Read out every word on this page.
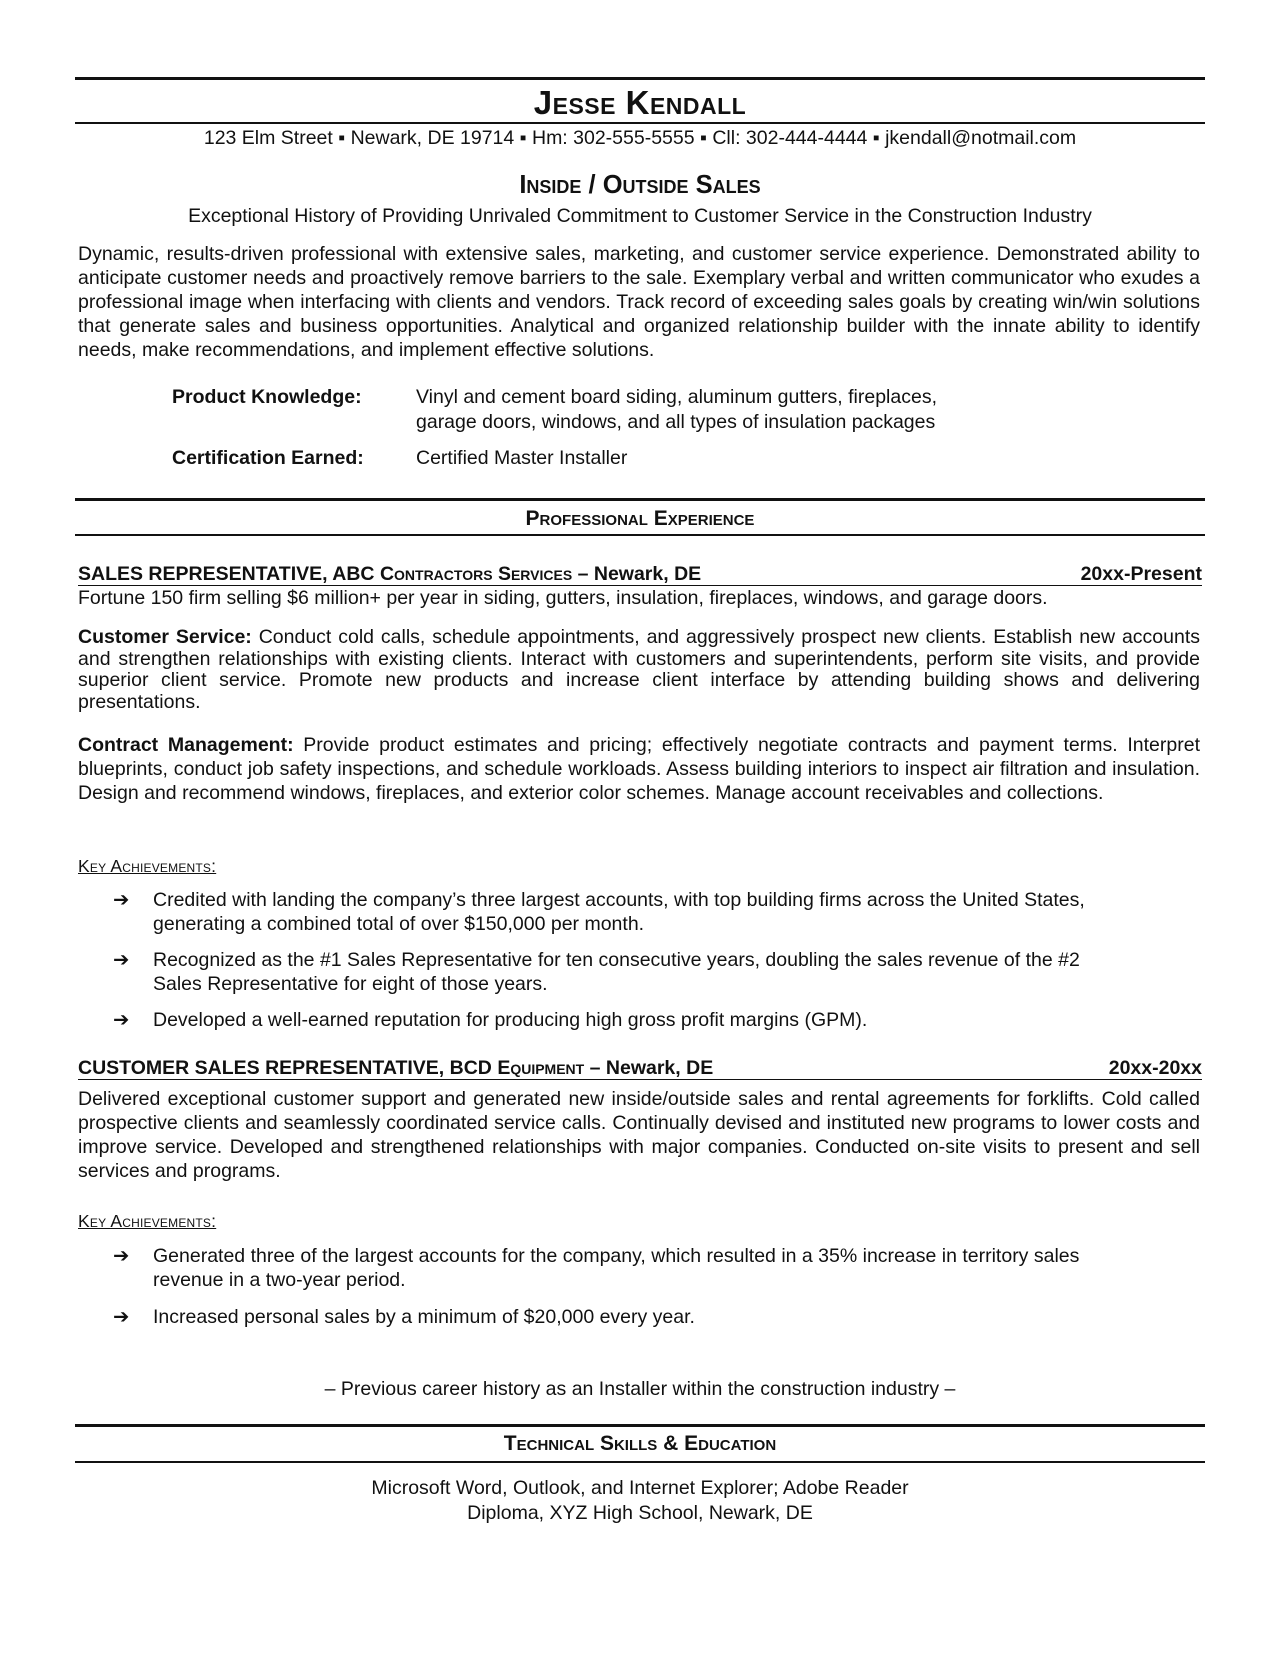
Jesse Kendall
123 Elm Street ▪ Newark, DE 19714 ▪ Hm: 302-555-5555 ▪ Cll: 302-444-4444 ▪ jkendall@notmail.com
Inside / Outside Sales
Exceptional History of Providing Unrivaled Commitment to Customer Service in the Construction Industry
Dynamic, results-driven professional with extensive sales, marketing, and customer service experience. Demonstrated ability to anticipate customer needs and proactively remove barriers to the sale. Exemplary verbal and written communicator who exudes a professional image when interfacing with clients and vendors. Track record of exceeding sales goals by creating win/win solutions that generate sales and business opportunities. Analytical and organized relationship builder with the innate ability to identify needs, make recommendations, and implement effective solutions.
Product Knowledge:	Vinyl and cement board siding, aluminum gutters, fireplaces,
garage doors, windows, and all types of insulation packages
Certification Earned:	Certified Master Installer
Professional Experience
SALES REPRESENTATIVE, ABC Contractors Services – Newark, DE	20xx-Present
Fortune 150 firm selling $6 million+ per year in siding, gutters, insulation, fireplaces, windows, and garage doors.
Customer Service: Conduct cold calls, schedule appointments, and aggressively prospect new clients. Establish new accounts and strengthen relationships with existing clients. Interact with customers and superintendents, perform site visits, and provide superior client service. Promote new products and increase client interface by attending building shows and delivering presentations.
Contract Management: Provide product estimates and pricing; effectively negotiate contracts and payment terms. Interpret blueprints, conduct job safety inspections, and schedule workloads. Assess building interiors to inspect air filtration and insulation. Design and recommend windows, fireplaces, and exterior color schemes. Manage account receivables and collections.
Key Achievements:
➔	Credited with landing the company’s three largest accounts, with top building firms across the United States, generating a combined total of over $150,000 per month.
➔	Recognized as the #1 Sales Representative for ten consecutive years, doubling the sales revenue of the #2 Sales Representative for eight of those years.
➔	Developed a well-earned reputation for producing high gross profit margins (GPM).
CUSTOMER SALES REPRESENTATIVE, BCD Equipment – Newark, DE	20xx-20xx
Delivered exceptional customer support and generated new inside/outside sales and rental agreements for forklifts. Cold called prospective clients and seamlessly coordinated service calls. Continually devised and instituted new programs to lower costs and improve service. Developed and strengthened relationships with major companies. Conducted on-site visits to present and sell services and programs.
Key Achievements:
➔	Generated three of the largest accounts for the company, which resulted in a 35% increase in territory sales revenue in a two-year period.
➔	Increased personal sales by a minimum of $20,000 every year.
– Previous career history as an Installer within the construction industry –
Technical Skills & Education
Microsoft Word, Outlook, and Internet Explorer; Adobe Reader
Diploma, XYZ High School, Newark, DE
